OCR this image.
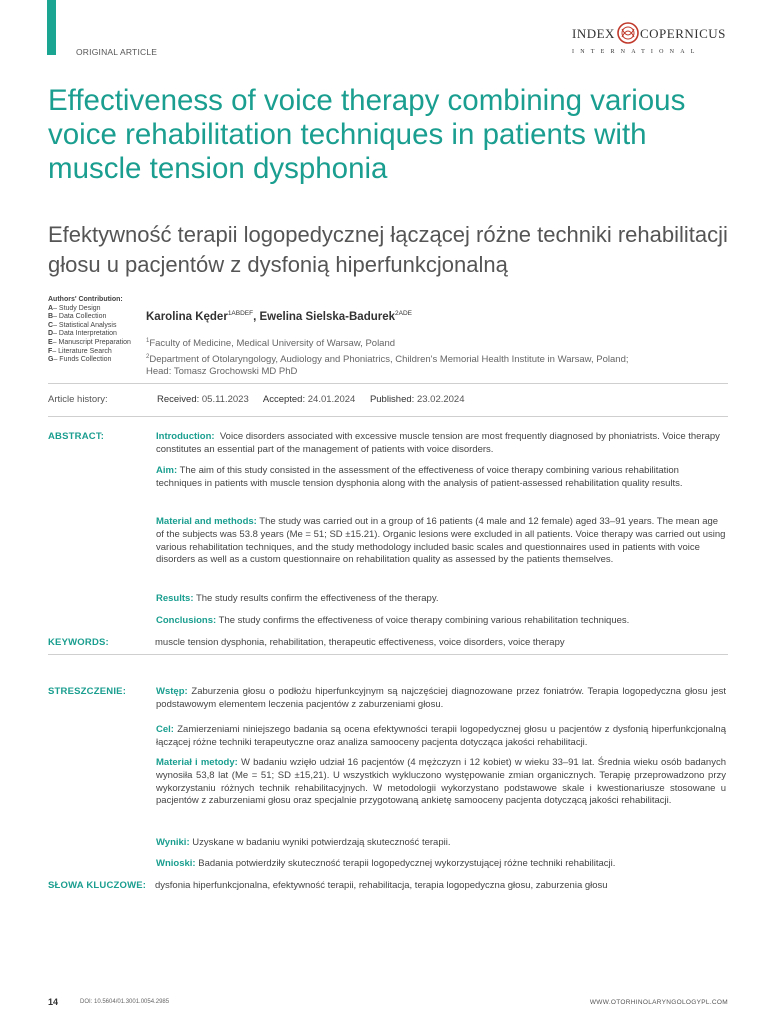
ORIGINAL ARTICLE
INDEX COPERNICUS
INTERNATIONAL
Effectiveness of voice therapy combining various voice rehabilitation techniques in patients with muscle tension dysphonia
Efektywność terapii logopedycznej łączącej różne techniki rehabilitacji głosu u pacjentów z dysfonią hiperfunkcjonalną
Authors' Contribution:
A– Study Design
B– Data Collection
C– Statistical Analysis
D– Data Interpretation
E– Manuscript Preparation
F– Literature Search
G– Funds Collection
Karolina Kęder$^{1ABDEF}$, Ewelina Sielska-Badurek$^{2ADE}$
$^1$Faculty of Medicine, Medical University of Warsaw, Poland
$^2$Department of Otolaryngology, Audiology and Phoniatrics, Children's Memorial Health Institute in Warsaw, Poland;
Head: Tomasz Grochowski MD PhD
Article history:	Received: 05.11.2023 Accepted: 24.01.2024 Published: 23.02.2024
ABSTRACT:	Introduction: Voice disorders associated with excessive muscle tension are most frequently diagnosed by phoniatrists. Voice therapy constitutes an essential part of the management of patients with voice disorders.
Aim: The aim of this study consisted in the assessment of the effectiveness of voice therapy combining various rehabilitation techniques in patients with muscle tension dysphonia along with the analysis of patient-assessed rehabilitation quality results.
Material and methods: The study was carried out in a group of 16 patients (4 male and 12 female) aged 33–91 years. The mean age of the subjects was 53.8 years (Me = 51; SD ±15.21). Organic lesions were excluded in all patients. Voice therapy was carried out using various rehabilitation techniques, and the study methodology included basic scales and questionnaires used in patients with voice disorders as well as a custom questionnaire on rehabilitation quality as assessed by the patients themselves.
Results: The study results confirm the effectiveness of the therapy.
Conclusions: The study confirms the effectiveness of voice therapy combining various rehabilitation techniques.
KEYWORDS:	muscle tension dysphonia, rehabilitation, therapeutic effectiveness, voice disorders, voice therapy
STRESZCZENIE:	Wstęp: Zaburzenia głosu o podłożu hiperfunkcyjnym są najczęściej diagnozowane przez foniatrów. Terapia logopedyczna głosu jest podstawowym elementem leczenia pacjentów z zaburzeniami głosu.
Cel: Zamierzeniami niniejszego badania są ocena efektywności terapii logopedycznej głosu u pacjentów z dysfonią hiperfunkcjonalną łączącej różne techniki terapeutyczne oraz analiza samooceny pacjenta dotycząca jakości rehabilitacji.
Materiał i metody: W badaniu wzięło udział 16 pacjentów (4 mężczyzn i 12 kobiet) w wieku 33–91 lat. Średnia wieku osób badanych wynosiła 53,8 lat (Me = 51; SD ±15,21). U wszystkich wykluczono występowanie zmian organicznych. Terapię przeprowadzono przy wykorzystaniu różnych technik rehabilitacyjnych. W metodologii wykorzystano podstawowe skale i kwestionariusze stosowane u pacjentów z zaburzeniami głosu oraz specjalnie przygotowaną ankietę samooceny pacjenta dotyczącą jakości rehabilitacji.
Wyniki: Uzyskane w badaniu wyniki potwierdzają skuteczność terapii.
Wnioski: Badania potwierdziły skuteczność terapii logopedycznej wykorzystującej różne techniki rehabilitacji.
SŁOWA KLUCZOWE: dysfonia hiperfunkcjonalna, efektywność terapii, rehabilitacja, terapia logopedyczna głosu, zaburzenia głosu
14	DOI: 10.5604/01.3001.0054.2985	WWW.OTORHINOLARYNGOLOGYPL.COM
